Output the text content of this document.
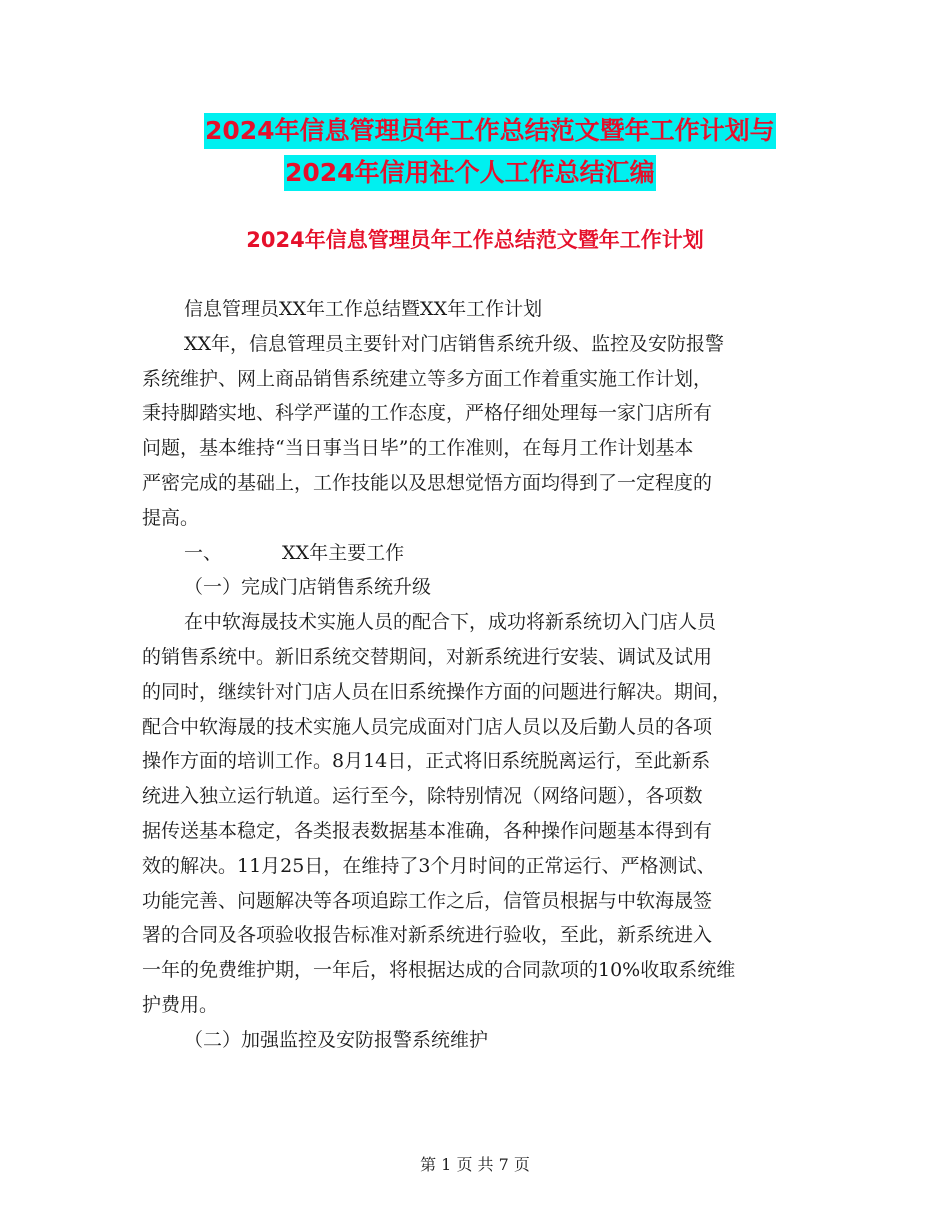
2024年信息管理员年工作总结范文暨年工作计划与
2024年信用社个人工作总结汇编
2024年信息管理员年工作总结范文暨年工作计划
信息管理员XX年工作总结暨XX年工作计划
XX年，信息管理员主要针对门店销售系统升级、监控及安防报警
系统维护、网上商品销售系统建立等多方面工作着重实施工作计划，
秉持脚踏实地、科学严谨的工作态度，严格仔细处理每一家门店所有
问题，基本维持“当日事当日毕”的工作准则，在每月工作计划基本
严密完成的基础上，工作技能以及思想觉悟方面均得到了一定程度的
提高。
一、	XX年主要工作
（一）完成门店销售系统升级
在中软海晟技术实施人员的配合下，成功将新系统切入门店人员
的销售系统中。新旧系统交替期间，对新系统进行安装、调试及试用
的同时，继续针对门店人员在旧系统操作方面的问题进行解决。期间，
配合中软海晟的技术实施人员完成面对门店人员以及后勤人员的各项
操作方面的培训工作。8月14日，正式将旧系统脱离运行，至此新系
统进入独立运行轨道。运行至今，除特别情况（网络问题），各项数
据传送基本稳定，各类报表数据基本准确，各种操作问题基本得到有
效的解决。11月25日，在维持了3个月时间的正常运行、严格测试、
功能完善、问题解决等各项追踪工作之后，信管员根据与中软海晟签
署的合同及各项验收报告标准对新系统进行验收，至此，新系统进入
一年的免费维护期，一年后，将根据达成的合同款项的10%收取系统维
护费用。
（二）加强监控及安防报警系统维护
第 1 页 共 7 页
